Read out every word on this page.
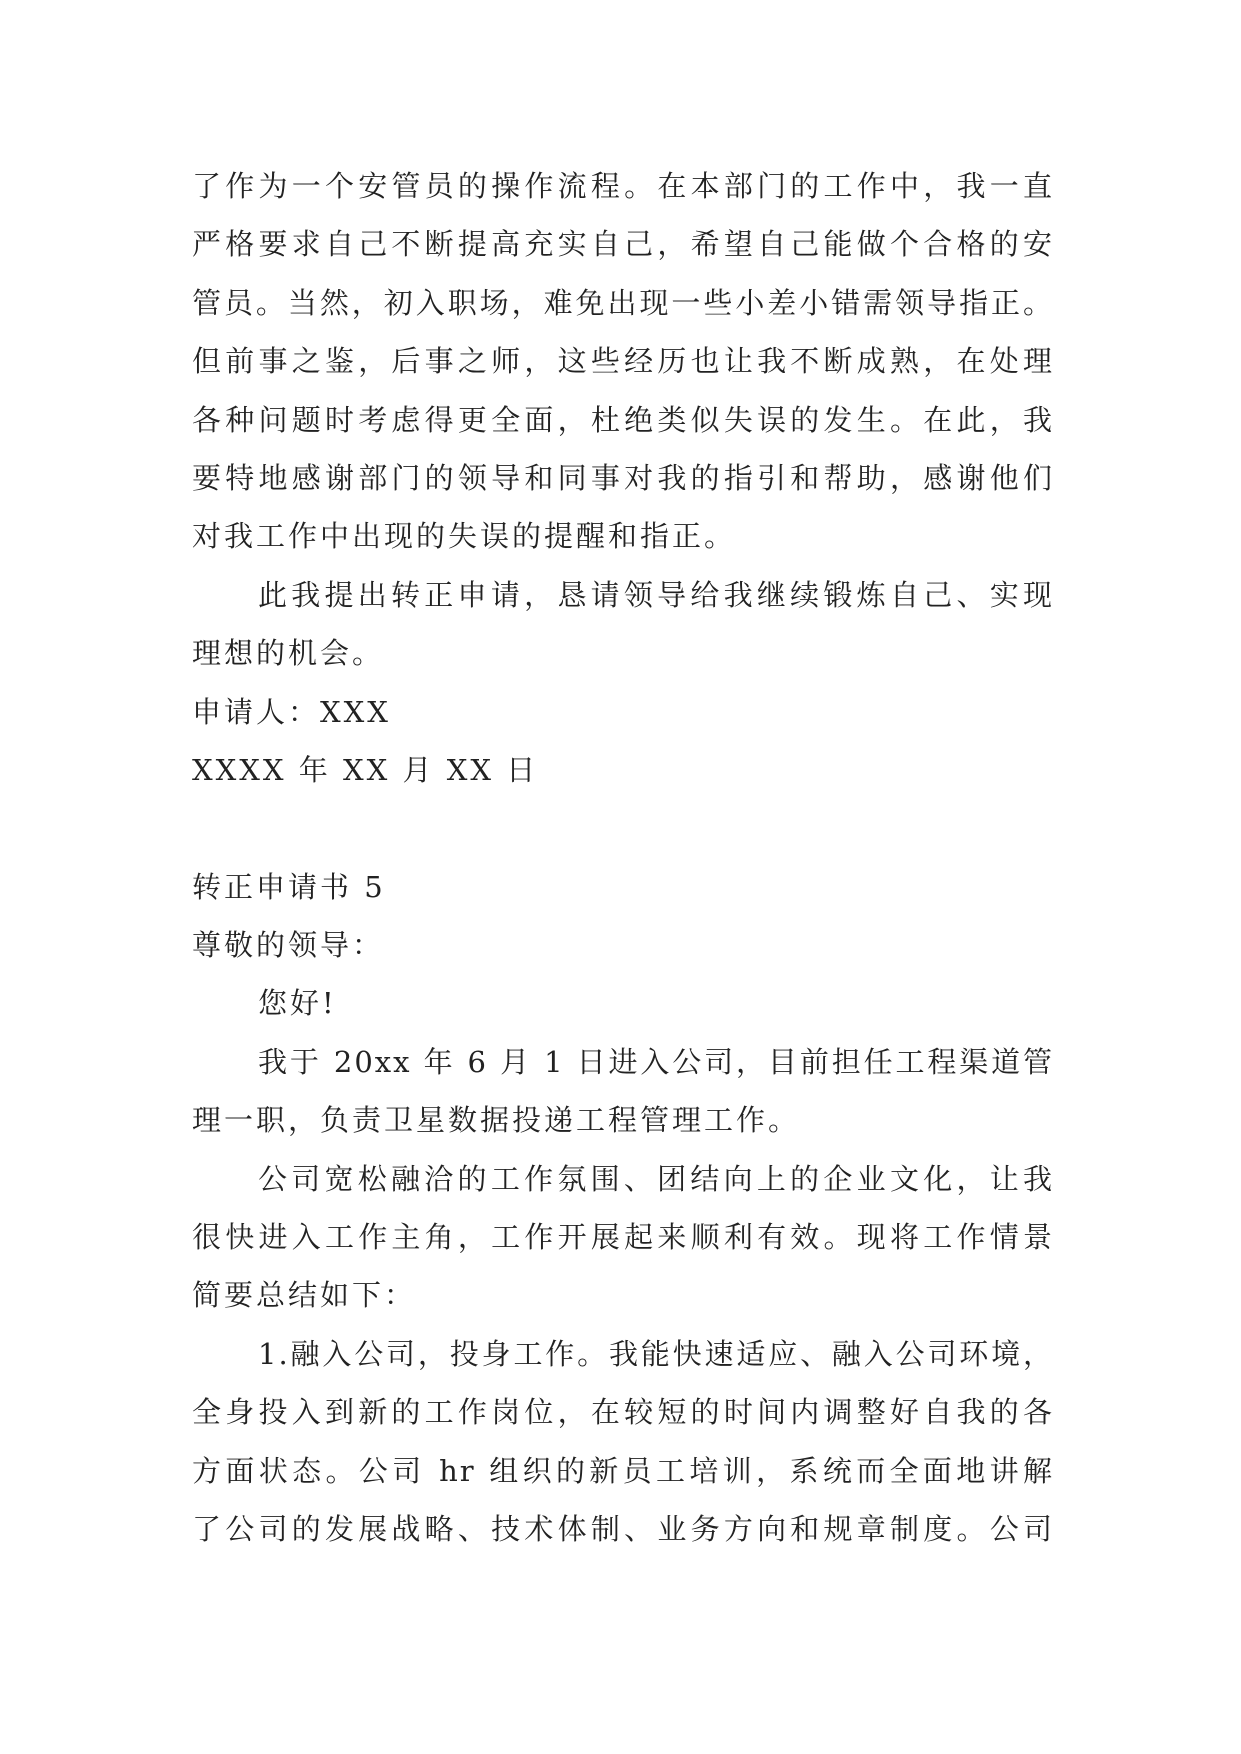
了作为一个安管员的操作流程。在本部门的工作中，我一直
严格要求自己不断提高充实自己，希望自己能做个合格的安
管员。当然，初入职场，难免出现一些小差小错需领导指正。
但前事之鉴，后事之师，这些经历也让我不断成熟，在处理
各种问题时考虑得更全面，杜绝类似失误的发生。在此，我
要特地感谢部门的领导和同事对我的指引和帮助，感谢他们
对我工作中出现的失误的提醒和指正。
此我提出转正申请，恳请领导给我继续锻炼自己、实现
理想的机会。
申请人：XXX
XXXX 年 XX 月 XX 日
转正申请书 5
尊敬的领导：
您好!
我于 20xx 年 6 月 1 日进入公司，目前担任工程渠道管
理一职，负责卫星数据投递工程管理工作。
公司宽松融洽的工作氛围、团结向上的企业文化，让我
很快进入工作主角，工作开展起来顺利有效。现将工作情景
简要总结如下：
1.融入公司，投身工作。我能快速适应、融入公司环境，
全身投入到新的工作岗位，在较短的时间内调整好自我的各
方面状态。公司 hr 组织的新员工培训，系统而全面地讲解
了公司的发展战略、技术体制、业务方向和规章制度。公司
